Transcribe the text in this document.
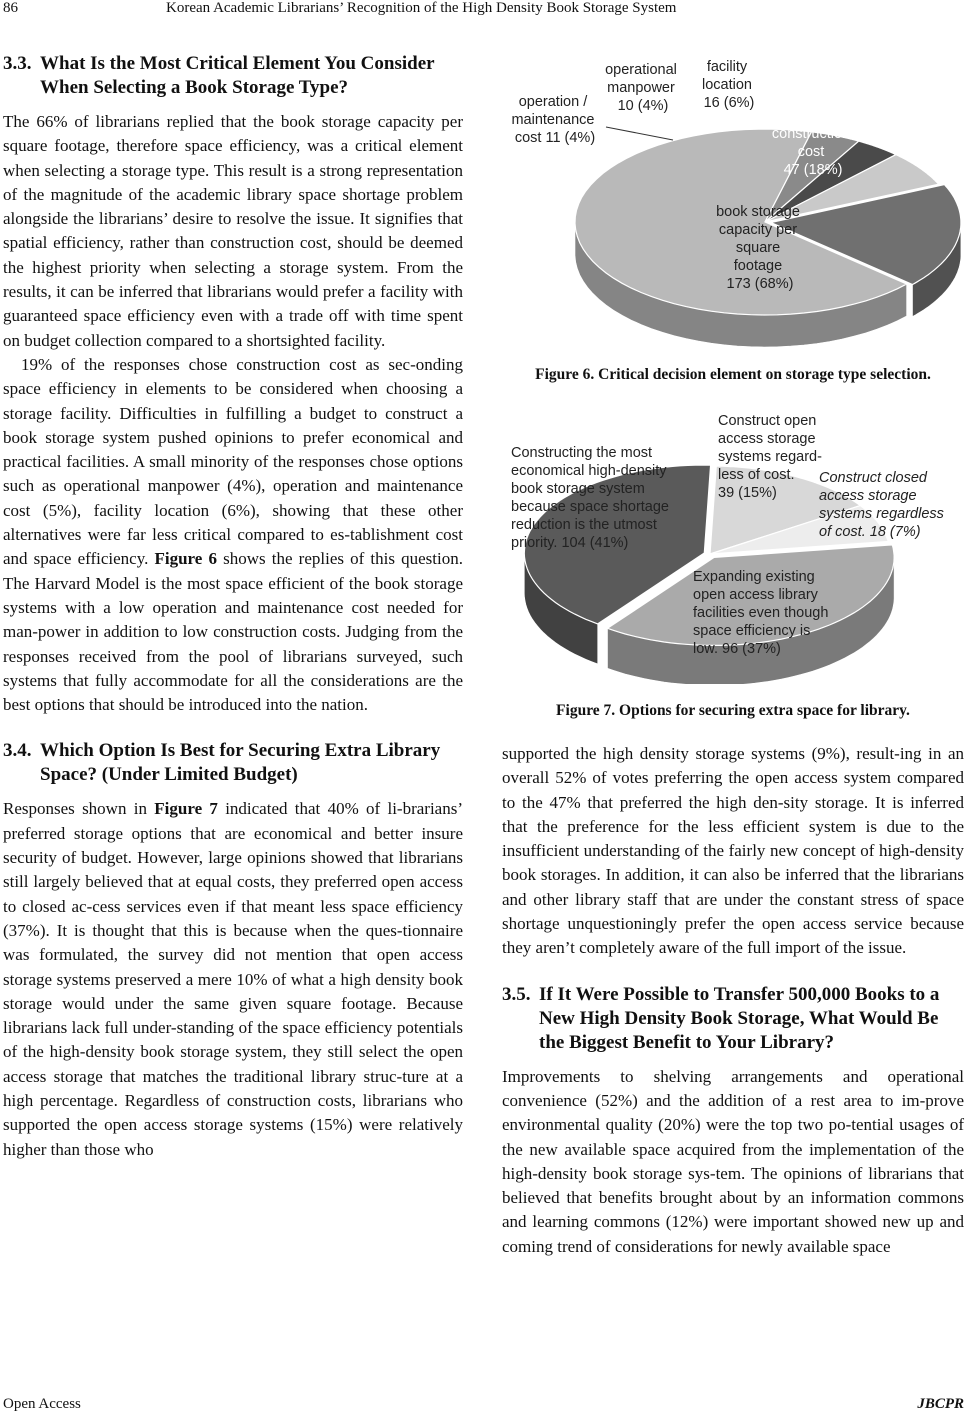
86	Korean Academic Librarians’ Recognition of the High Density Book Storage System
3.3. What Is the Most Critical Element You Consider When Selecting a Book Storage Type?

The 66% of librarians replied that the book storage capacity per square footage, therefore space efficiency, was a critical element when selecting a storage type. This result is a strong representation of the magnitude of the academic library space shortage problem alongside the librarians’ desire to resolve the issue. It signifies that spatial efficiency, rather than construction cost, should be deemed the highest priority when selecting a storage system. From the results, it can be inferred that librarians would prefer a facility with guaranteed space efficiency even with a trade off with time spent on budget collection compared to a shortsighted facility.

19% of the responses chose construction cost as sec-onding space efficiency in elements to be considered when choosing a storage facility. Difficulties in fulfilling a budget to construct a book storage system pushed opinions to prefer economical and practical facilities. A small minority of the responses chose options such as operational manpower (4%), operation and maintenance cost (5%), facility location (6%), showing that these other alternatives were far less critical compared to es-tablishment cost and space efficiency. Figure 6 shows the replies of this question. The Harvard Model is the most space efficient of the book storage systems with a low operation and maintenance cost needed for man-power in addition to low construction costs. Judging from the responses received from the pool of librarians surveyed, such systems that fully accommodate for all the considerations are the best options that should be introduced into the nation.

3.4. Which Option Is Best for Securing Extra Library Space? (Under Limited Budget)

Responses shown in Figure 7 indicated that 40% of li-brarians’ preferred storage options that are economical and better insure security of budget. However, large opinions showed that librarians still largely believed that at equal costs, they preferred open access to closed ac-cess services even if that meant less space efficiency (37%). It is thought that this is because when the ques-tionnaire was formulated, the survey did not mention that open access storage systems preserved a mere 10% of what a high density book storage would under the same given square footage. Because librarians lack full under-standing of the space efficiency potentials of the high-density book storage system, they still select the open access storage that matches the traditional library struc-ture at a high percentage. Regardless of construction costs, librarians who supported the open access storage systems (15%) were relatively higher than those who

facility location 16 (6%)
operational manpower 10 (4%)
operation / maintenance cost 11 (4%)	construction cost 47 (18%)
book storage capacity per square footage 173 (68%)
Figure 6. Critical decision element on storage type selection.
Constructing the most economical high-density book storage system because space shortage reduction is the utmost priority. 104 (41%)
Construct open access storage systems regard- less of cost. 39 (15%)
Construct closed access storage systems regardless of cost. 18 (7%)
Expanding existing open access library facilities even though space efficiency is low. 96 (37%)
Figure 7. Options for securing extra space for library.

supported the high density storage systems (9%), result-ing in an overall 52% of votes preferring the open access system compared to the 47% that preferred the high den-sity storage. It is inferred that the preference for the less efficient system is due to the insufficient understanding of the fairly new concept of high-density book storages. In addition, it can also be inferred that the librarians and other library staff that are under the constant stress of space shortage unquestioningly prefer the open access service because they aren’t completely aware of the full import of the issue.

3.5. If It Were Possible to Transfer 500,000 Books to a New High Density Book Storage, What Would Be the Biggest Benefit to Your Library?

Improvements to shelving arrangements and operational convenience (52%) and the addition of a rest area to im-prove environmental quality (20%) were the top two po-tential usages of the new available space acquired from the implementation of the high-density book storage sys-tem. The opinions of librarians that believed that benefits brought about by an information commons and learning commons (12%) were important showed new up and coming trend of considerations for newly available space

Open Access	JBCPR
